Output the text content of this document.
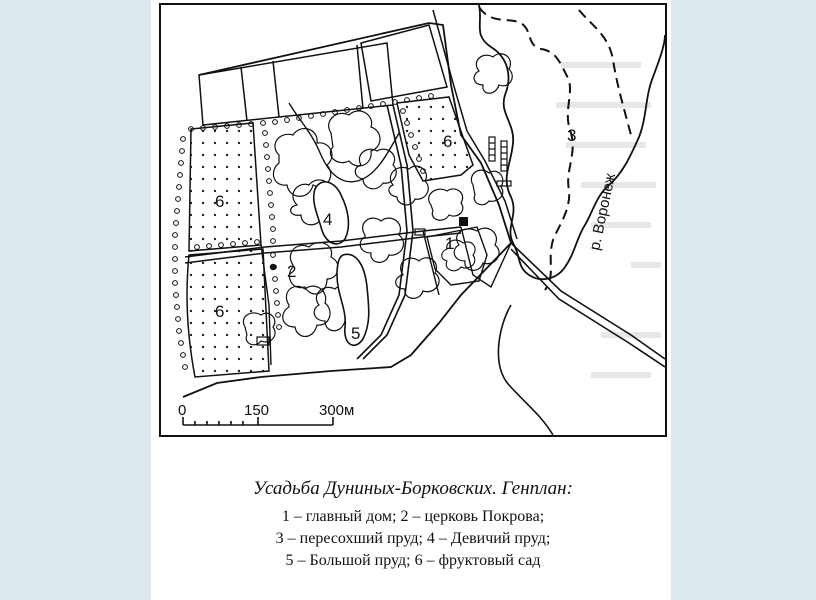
1
2
3
4
5
6
6
6
р. Воронеж
0	150	300м
Усадьба Дуниных-Борковских. Генплан:
1 – главный дом; 2 – церковь Покрова;
3 – пересохший пруд; 4 – Девичий пруд;
5 – Большой пруд; 6 – фруктовый сад
